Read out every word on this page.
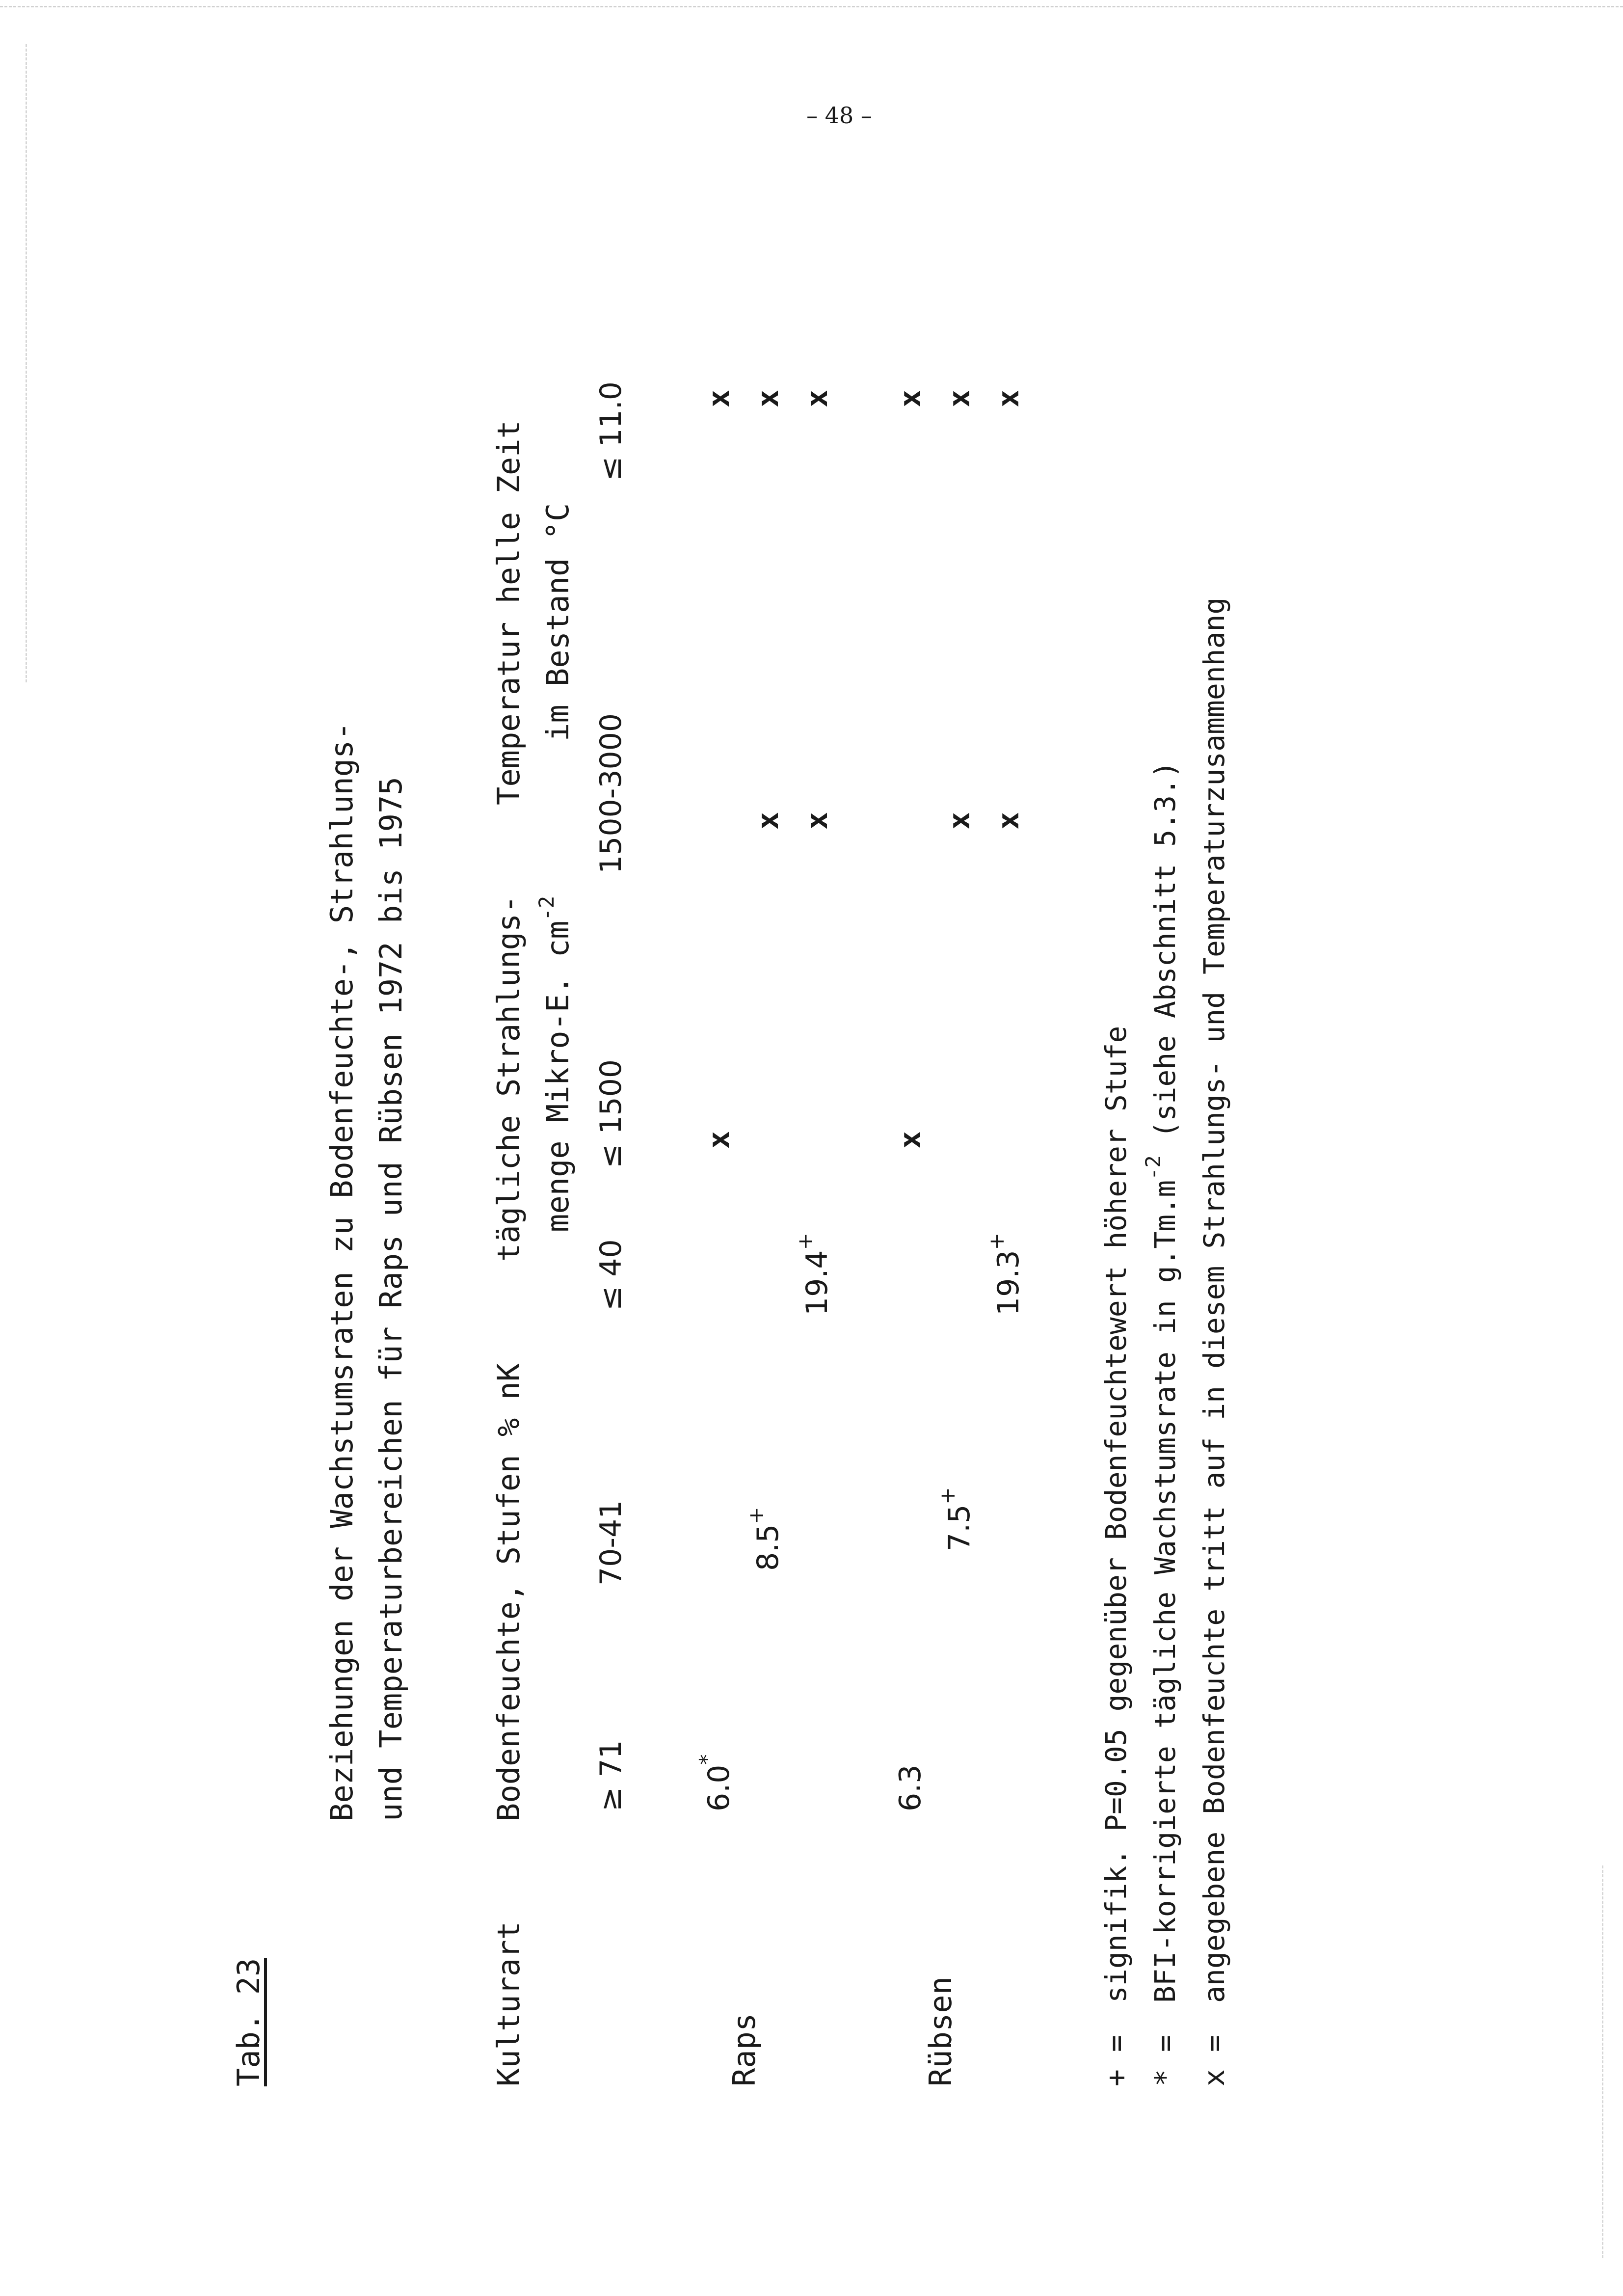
– 48 –
Tab. 23
Beziehungen der Wachstumsraten zu Bodenfeuchte-, Strahlungs- und Temperaturbereichen für Raps und Rübsen 1972 bis 1975
Kulturart
Bodenfeuchte, Stufen % nK
tägliche Strahlungs- menge Mikro-E. $cm^{-2}$
Temperatur helle Zeit im Bestand °C
≥ 71
70-41
≤ 40
≤ 1500
1500-3000
≤ 11.0
Raps
6.0*
8.5+
19.4+
x
x x
x x x
Rübsen
6.3
7.5+
19.3+
x
x x
x x x
+ =signifik. P=0.05 gegenüber Bodenfeuchtewert höherer Stufe
* =BFI-korrigierte tägliche Wachstumsrate in $g.Tm.m^{-2}$ (siehe Abschnitt 5.3.)
x =angegebene Bodenfeuchte tritt auf in diesem Strahlungs- und Temperaturzusammenhang
